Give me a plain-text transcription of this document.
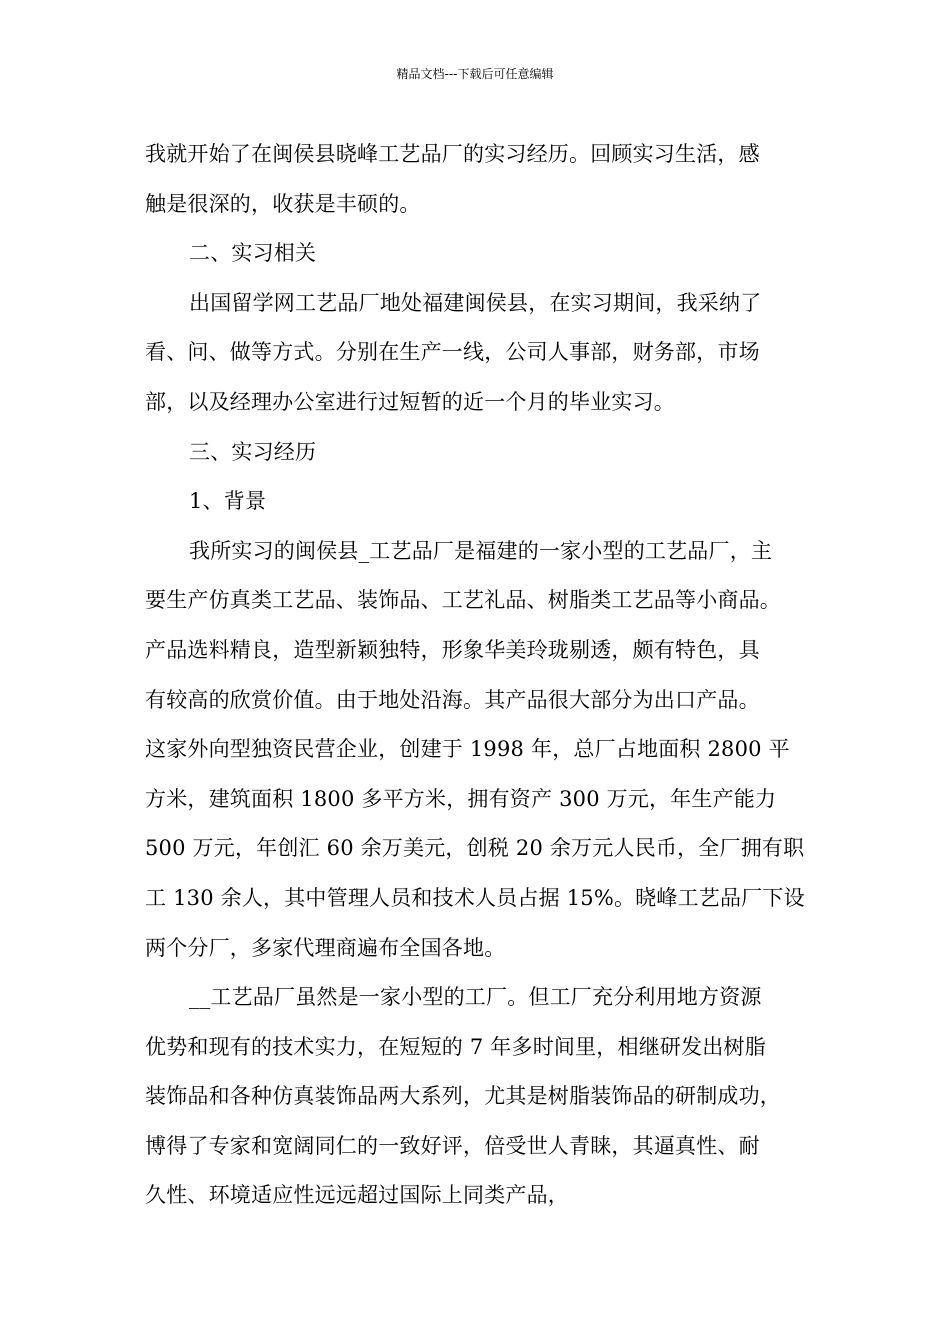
精品文档---下载后可任意编辑
我就开始了在闽侯县晓峰工艺品厂的实习经历。回顾实习生活，感
触是很深的，收获是丰硕的。
二、实习相关
出国留学网工艺品厂地处福建闽侯县，在实习期间，我采纳了
看、问、做等方式。分别在生产一线，公司人事部，财务部，市场
部，以及经理办公室进行过短暂的近一个月的毕业实习。
三、实习经历
1、背景
我所实习的闽侯县_工艺品厂是福建的一家小型的工艺品厂，主
要生产仿真类工艺品、装饰品、工艺礼品、树脂类工艺品等小商品。
产品选料精良，造型新颖独特，形象华美玲珑剔透，颇有特色，具
有较高的欣赏价值。由于地处沿海。其产品很大部分为出口产品。
这家外向型独资民营企业，创建于 1998 年，总厂占地面积 2800 平
方米，建筑面积 1800 多平方米，拥有资产 300 万元，年生产能力
500 万元，年创汇 60 余万美元，创税 20 余万元人民币，全厂拥有职
工 130 余人，其中管理人员和技术人员占据 15%。晓峰工艺品厂下设
两个分厂，多家代理商遍布全国各地。
__工艺品厂虽然是一家小型的工厂。但工厂充分利用地方资源
优势和现有的技术实力，在短短的 7 年多时间里，相继研发出树脂
装饰品和各种仿真装饰品两大系列，尤其是树脂装饰品的研制成功，
博得了专家和宽阔同仁的一致好评，倍受世人青睐，其逼真性、耐
久性、环境适应性远远超过国际上同类产品，
